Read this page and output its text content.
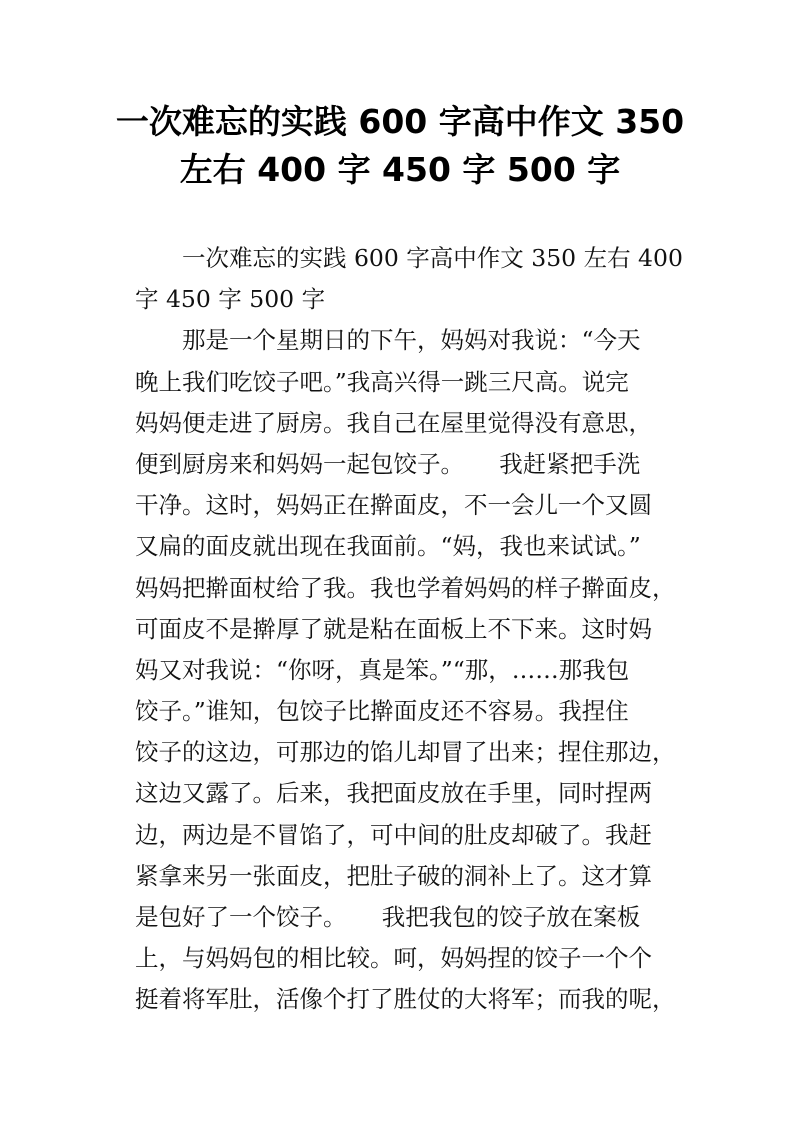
一次难忘的实践 600 字高中作文 350
左右 400 字 450 字 500 字
一次难忘的实践 600 字高中作文 350 左右 400
字 450 字 500 字
那是一个星期日的下午，妈妈对我说：“今天
晚上我们吃饺子吧。”我高兴得一跳三尺高。说完
妈妈便走进了厨房。我自己在屋里觉得没有意思，
便到厨房来和妈妈一起包饺子。　　我赶紧把手洗
干净。这时，妈妈正在擀面皮，不一会儿一个又圆
又扁的面皮就出现在我面前。“妈，我也来试试。”
妈妈把擀面杖给了我。我也学着妈妈的样子擀面皮，
可面皮不是擀厚了就是粘在面板上不下来。这时妈
妈又对我说：“你呀，真是笨。”“那，……那我包
饺子。”谁知，包饺子比擀面皮还不容易。我捏住
饺子的这边，可那边的馅儿却冒了出来；捏住那边，
这边又露了。后来，我把面皮放在手里，同时捏两
边，两边是不冒馅了，可中间的肚皮却破了。我赶
紧拿来另一张面皮，把肚子破的洞补上了。这才算
是包好了一个饺子。　　我把我包的饺子放在案板
上，与妈妈包的相比较。呵，妈妈捏的饺子一个个
挺着将军肚，活像个打了胜仗的大将军；而我的呢，
